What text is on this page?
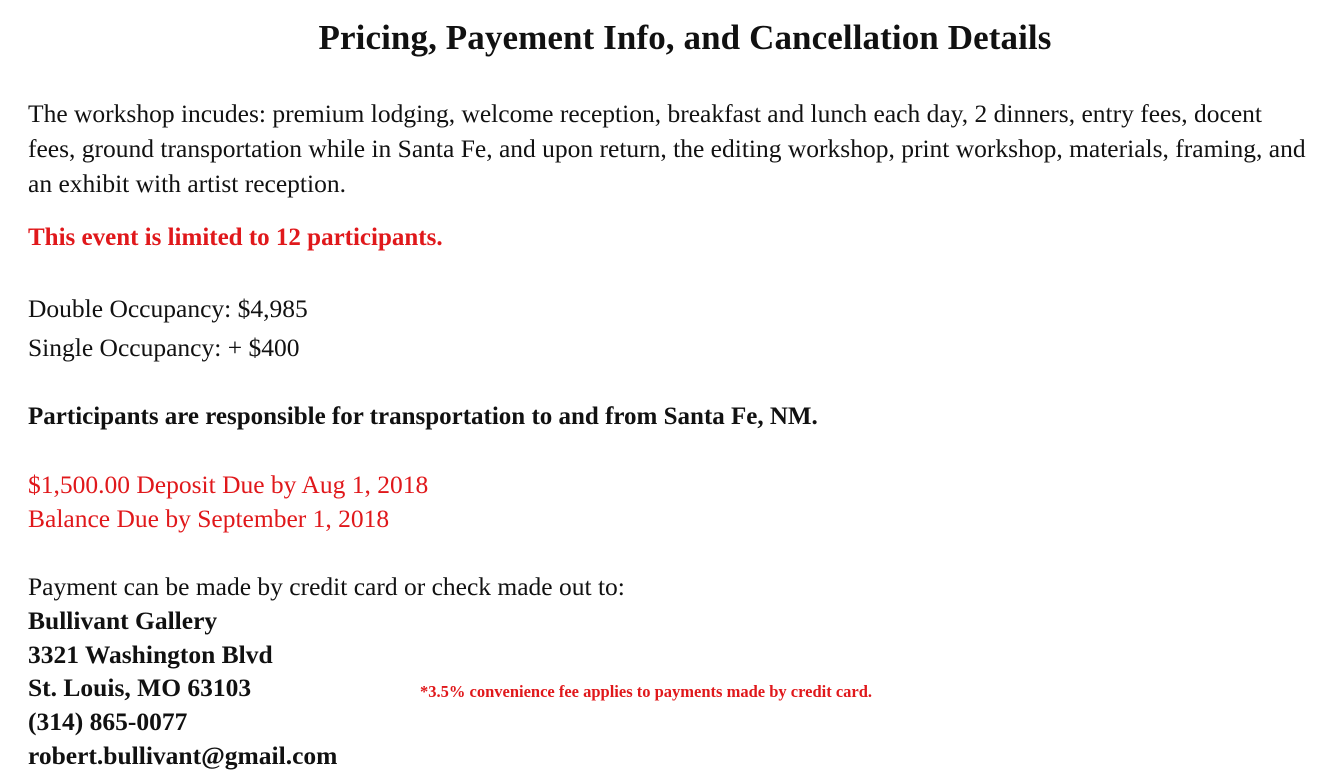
Pricing, Payement Info, and Cancellation Details
The workshop incudes: premium lodging, welcome reception, breakfast and lunch each day, 2 dinners, entry fees, docent fees, ground transportation while in Santa Fe, and upon return, the editing workshop, print workshop, materials, framing, and an exhibit with artist reception.
This event is limited to 12 participants.
Double Occupancy: $4,985
Single Occupancy: + $400
Participants are responsible for transportation to and from Santa Fe, NM.
$1,500.00 Deposit Due by Aug 1, 2018
Balance Due by September 1, 2018
Payment can be made by credit card or check made out to:
Bullivant Gallery
3321 Washington Blvd
St. Louis, MO 63103
(314) 865-0077
robert.bullivant@gmail.com
*3.5% convenience fee applies to payments made by credit card.
